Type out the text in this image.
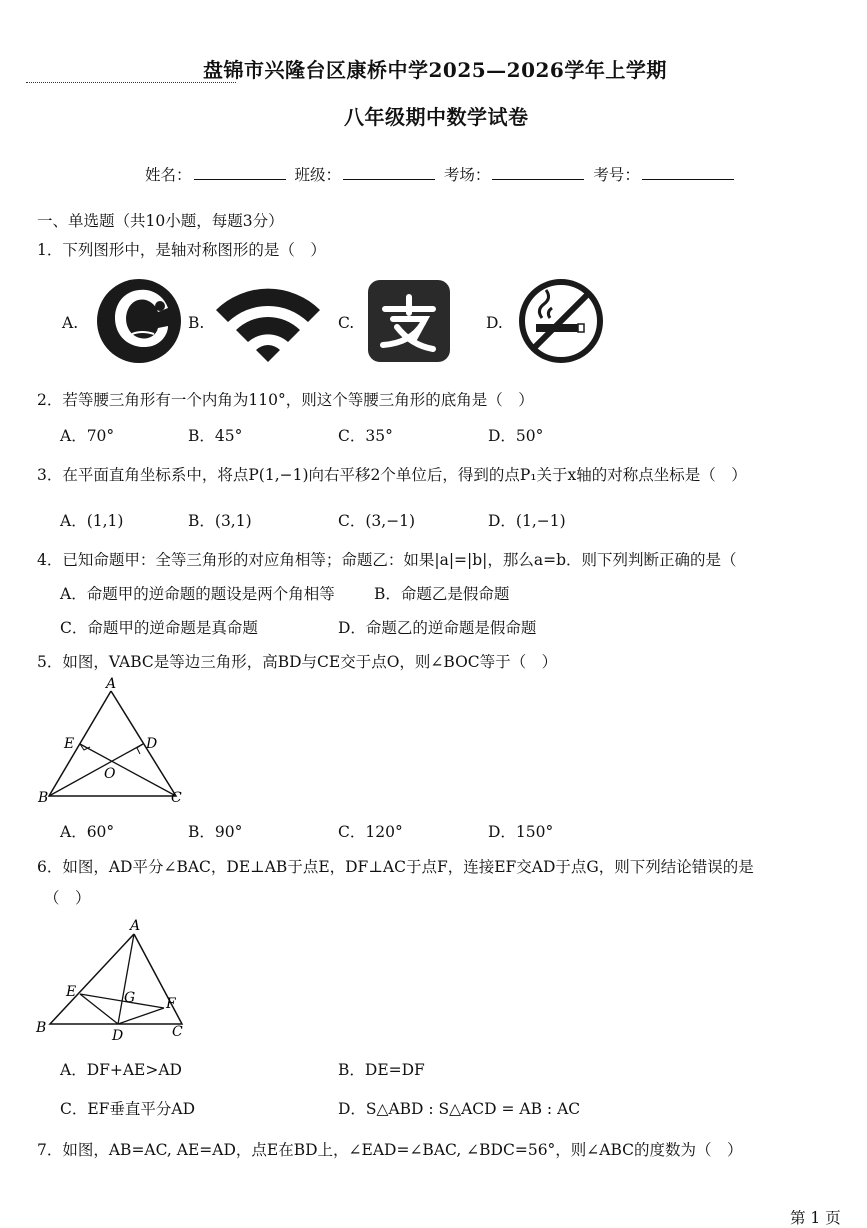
盘锦市兴隆台区康桥中学2025—2026学年上学期
八年级期中数学试卷
姓名：	班级：	考场：	考号：
一、单选题（共10小题，每题3分）
1．下列图形中，是轴对称图形的是（　）
A.	B.	C.	D.
2．若等腰三角形有一个内角为110°，则这个等腰三角形的底角是（　）
A．70°	B．45°	C．35°	D．50°
3．在平面直角坐标系中，将点P(1,−1)向右平移2个单位后，得到的点P₁关于x轴的对称点坐标是（　）
A．(1,1)	B．(3,1)	C．(3,−1)	D．(1,−1)
4．已知命题甲：全等三角形的对应角相等；命题乙：如果|a|=|b|，那么a=b．则下列判断正确的是（
A．命题甲的逆命题的题设是两个角相等	B．命题乙是假命题
C．命题甲的逆命题是真命题	D．命题乙的逆命题是假命题
5．如图，VABC是等边三角形，高BD与CE交于点O，则∠BOC等于（　）
A
E	D
O
B	C
A．60°	B．90°	C．120°	D．150°
6．如图，AD平分∠BAC，DE⊥AB于点E，DF⊥AC于点F，连接EF交AD于点G，则下列结论错误的是
（　）
A
E	G F
B	D	C
A．DF+AE>AD	B．DE=DF
C．EF垂直平分AD	D．S△ABD : S△ACD = AB : AC
7．如图，AB=AC, AE=AD，点E在BD上，∠EAD=∠BAC, ∠BDC=56°，则∠ABC的度数为（　）
第 1 页
